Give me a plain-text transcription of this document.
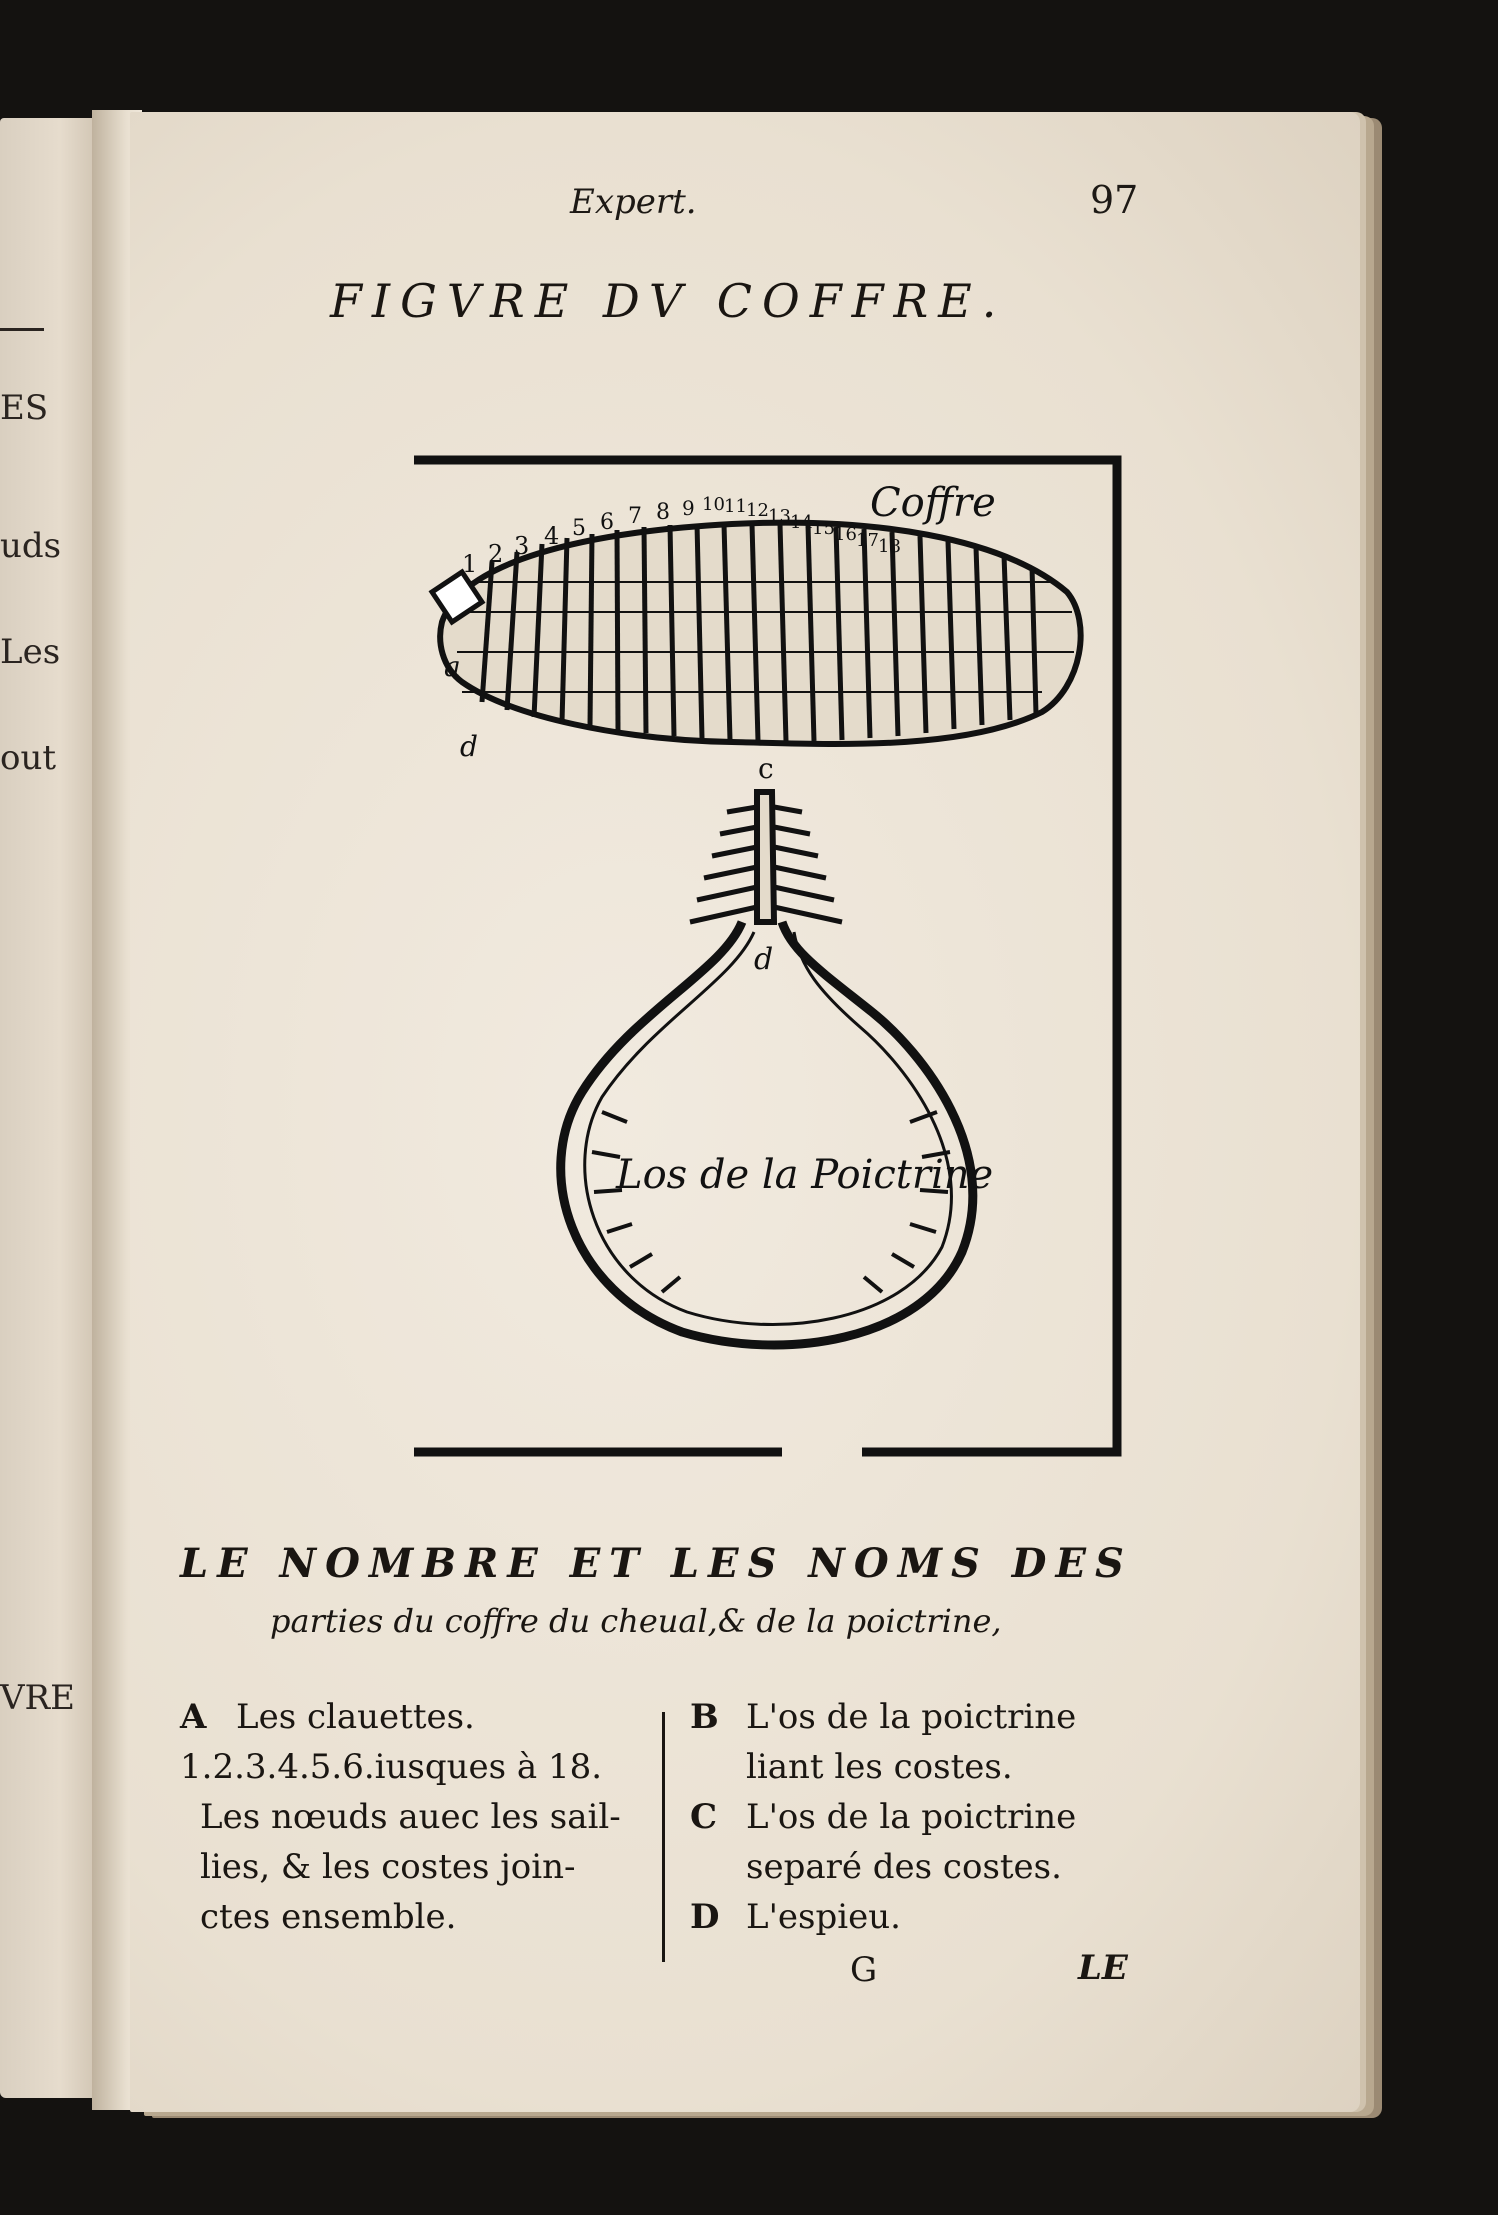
ES
uds
Les
out
VRE
Expert.	97
FIGVRE DV COFFRE.
Coffre
1 2 3 4 5 6 7 8 9 10 11 12 13 14 15 16 17 18
a
d
c
d
Los de la Poictrine
LE NOMBRE ET LES NOMS DES
parties du coffre du cheual,& de la poictrine,
A Les clauettes.
1.2.3.4.5.6.iusques à 18.
Les nœuds auec les sail-
lies, & les costes join-
ctes ensemble.
B L'os de la poictrine
liant les costes.
C L'os de la poictrine
separé des costes.
D L'espieu.
G	LE
